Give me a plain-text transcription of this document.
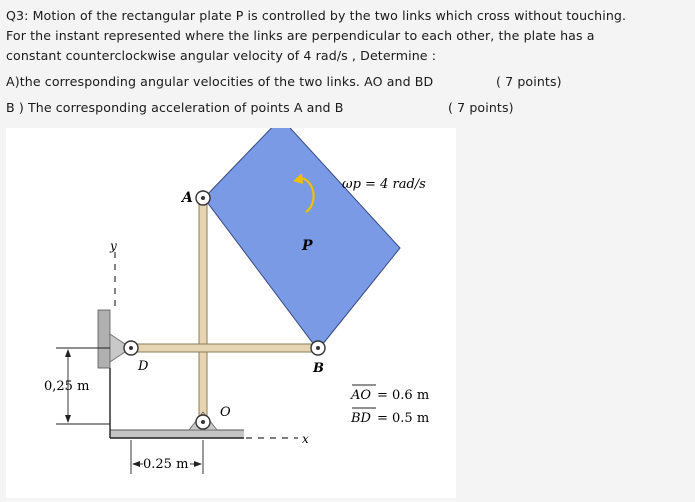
Q3: Motion of the rectangular plate P is controlled by the two links which cross without touching.

For the instant represented where the links are perpendicular to each other, the plate has a

constant counterclockwise angular velocity of 4 rad/s , Determine :

A)the corresponding angular velocities of the two links. AO and BD	( 7 points)
B ) The corresponding acceleration of points A and B	( 7 points)
ωp = 4 rad/s
P
A
B
D
O
y
x
0,25 m
0.25 m
AO = 0.6 m
BD = 0.5 m
